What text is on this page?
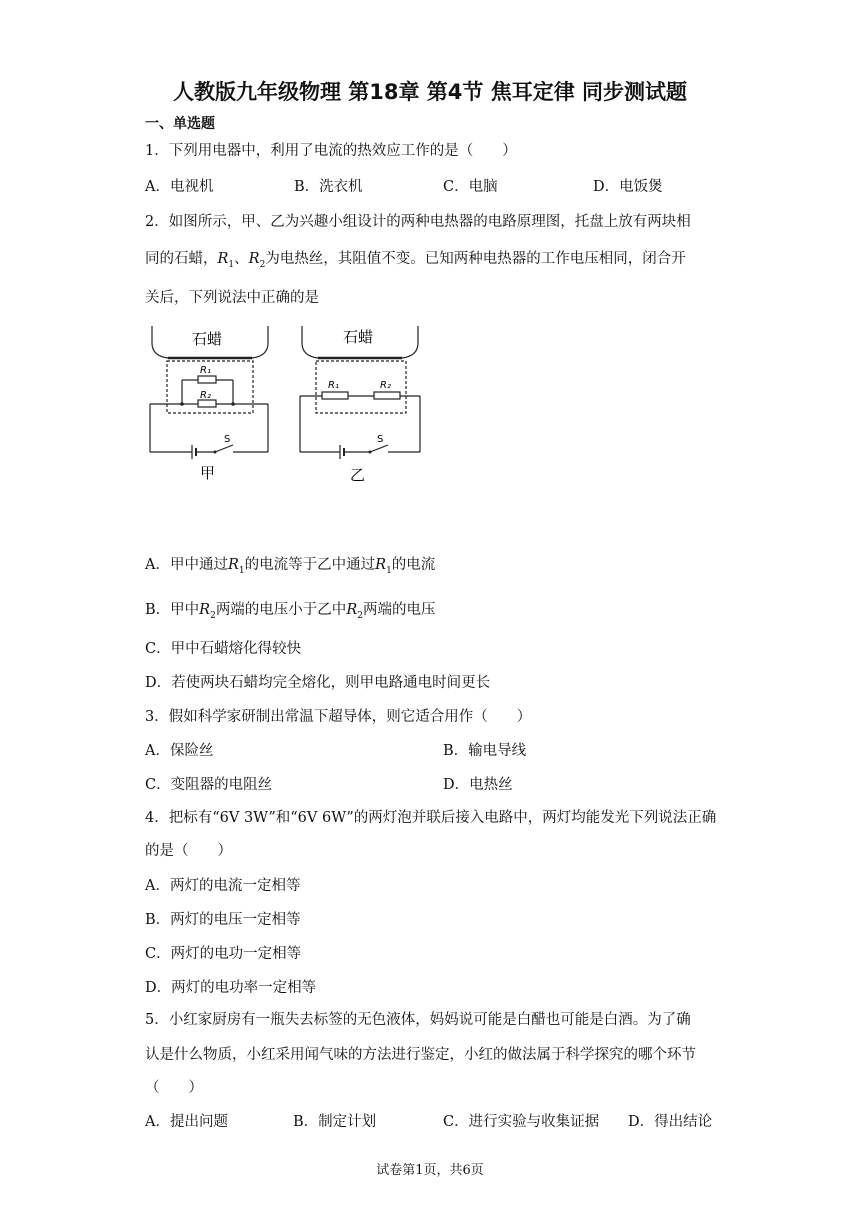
人教版九年级物理 第18章 第4节 焦耳定律 同步测试题
一、单选题
1．下列用电器中，利用了电流的热效应工作的是（　　）
A．电视机	B．洗衣机	C．电脑	D．电饭煲
2．如图所示，甲、乙为兴趣小组设计的两种电热器的电路原理图，托盘上放有两块相
同的石蜡，$R_1$、$R_2$为电热丝，其阻值不变。已知两种电热器的工作电压相同，闭合开
关后，下列说法中正确的是
石蜡	石蜡
R₁
R₂
R₁	R₂
S	S
甲	乙
A．甲中通过$R_1$的电流等于乙中通过$R_1$的电流
B．甲中$R_2$两端的电压小于乙中$R_2$两端的电压
C．甲中石蜡熔化得较快
D．若使两块石蜡均完全熔化，则甲电路通电时间更长
3．假如科学家研制出常温下超导体，则它适合用作（　　）
A．保险丝	B．输电导线
C．变阻器的电阻丝	D．电热丝
4．把标有“6V 3W”和“6V 6W”的两灯泡并联后接入电路中，两灯均能发光下列说法正确
的是（　　）
A．两灯的电流一定相等
B．两灯的电压一定相等
C．两灯的电功一定相等
D．两灯的电功率一定相等
5．小红家厨房有一瓶失去标签的无色液体，妈妈说可能是白醋也可能是白酒。为了确
认是什么物质，小红采用闻气味的方法进行鉴定，小红的做法属于科学探究的哪个环节
（　　）
A．提出问题	B．制定计划	C．进行实验与收集证据 D．得出结论
试卷第1页，共6页
